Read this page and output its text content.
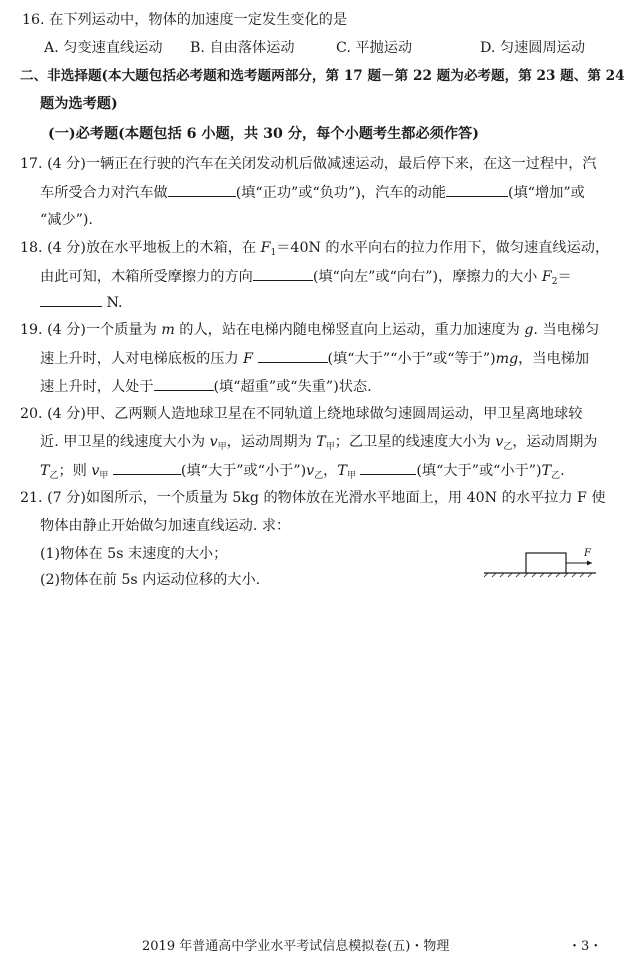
16. 在下列运动中，物体的加速度一定发生变化的是
A. 匀变速直线运动 B. 自由落体运动	C. 平抛运动	D. 匀速圆周运动
二、非选择题(本大题包括必考题和选考题两部分，第 17 题－第 22 题为必考题，第 23 题、第 24
题为选考题)
(一)必考题(本题包括 6 小题，共 30 分，每个小题考生都必须作答)
17. (4 分)一辆正在行驶的汽车在关闭发动机后做减速运动，最后停下来，在这一过程中，汽
车所受合力对汽车做	(填“正功”或“负功”)，汽车的动能	(填“增加”或
“减少”).
18. (4 分)放在水平地板上的木箱，在 $F_1=40N$ 的水平向右的拉力作用下，做匀速直线运动，
由此可知，木箱所受摩擦力的方向	(填“向左”或“向右”)，摩擦力的大小 $F_2=$
N.
19. (4 分)一个质量为 m 的人，站在电梯内随电梯竖直向上运动，重力加速度为 g. 当电梯匀
速上升时，人对电梯底板的压力 F	(填“大于”“小于”或“等于”)mg，当电梯加
速上升时，人处于	(填“超重”或“失重”)状态.
20. (4 分)甲、乙两颗人造地球卫星在不同轨道上绕地球做匀速圆周运动，甲卫星离地球较
近. 甲卫星的线速度大小为 $v_甲$，运动周期为 $T_甲$；乙卫星的线速度大小为 $v_乙$，运动周期为
$T_乙$；则 $v_甲$	(填“大于”或“小于$”)v_乙$，$T_甲$	(填“大于”或“小于$”)T_乙$.
21. (7 分)如图所示，一个质量为 5kg 的物体放在光滑水平地面上，用 40N 的水平拉力 F 使
物体由静止开始做匀加速直线运动. 求：
(1)物体在 5s 末速度的大小；
(2)物体在前 5s 内运动位移的大小.
F
2019 年普通高中学业水平考试信息模拟卷(五)・物理	・3・
